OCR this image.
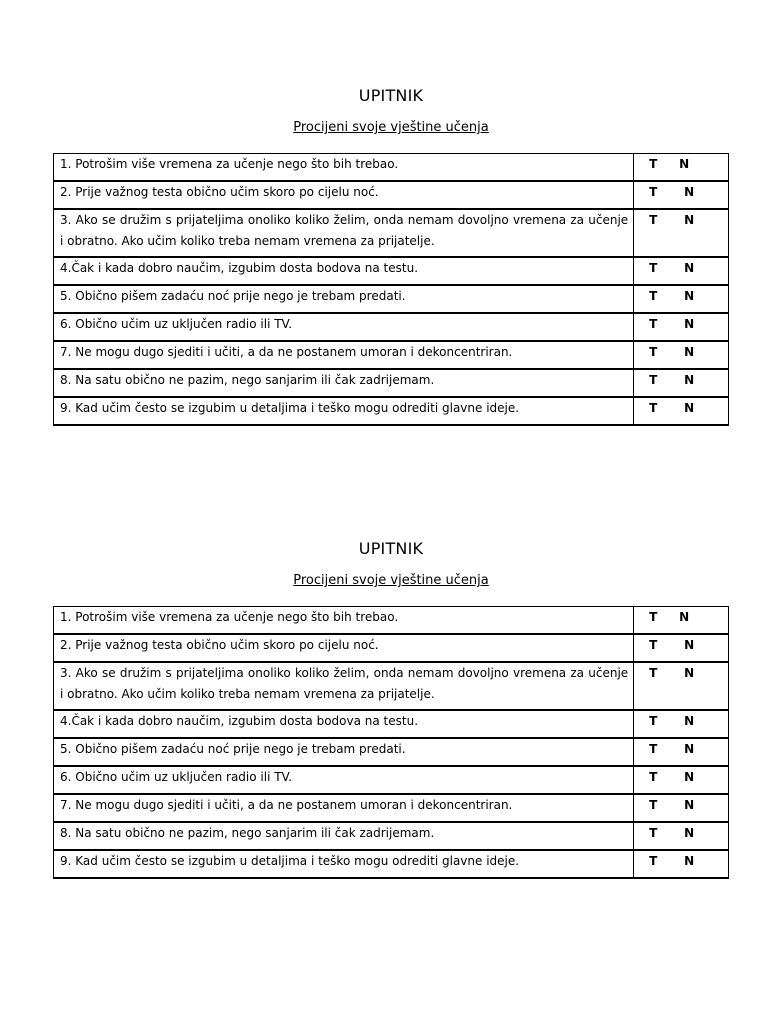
UPITNIK
Procijeni svoje vještine učenja
1. Potrošim više vremena za učenje nego što bih trebao.	T N
2. Prije važnog testa obično učim skoro po cijelu noć.	T N
3. Ako se družim s prijateljima onoliko koliko želim, onda nemam dovoljno vremena za učenje i obratno. Ako učim koliko treba nemam vremena za prijatelje.	T N
4.Čak i kada dobro naučim, izgubim dosta bodova na testu.	T N
5. Obično pišem zadaću noć prije nego je trebam predati.	T N
6. Obično učim uz uključen radio ili TV.	T N
7. Ne mogu dugo sjediti i učiti, a da ne postanem umoran i dekoncentriran.	T N
8. Na satu obično ne pazim, nego sanjarim ili čak zadrijemam.	T N
9. Kad učim često se izgubim u detaljima i teško mogu odrediti glavne ideje.	T N
UPITNIK
Procijeni svoje vještine učenja
1. Potrošim više vremena za učenje nego što bih trebao.	T N
2. Prije važnog testa obično učim skoro po cijelu noć.	T N
3. Ako se družim s prijateljima onoliko koliko želim, onda nemam dovoljno vremena za učenje i obratno. Ako učim koliko treba nemam vremena za prijatelje.	T N
4.Čak i kada dobro naučim, izgubim dosta bodova na testu.	T N
5. Obično pišem zadaću noć prije nego je trebam predati.	T N
6. Obično učim uz uključen radio ili TV.	T N
7. Ne mogu dugo sjediti i učiti, a da ne postanem umoran i dekoncentriran.	T N
8. Na satu obično ne pazim, nego sanjarim ili čak zadrijemam.	T N
9. Kad učim često se izgubim u detaljima i teško mogu odrediti glavne ideje.	T N
